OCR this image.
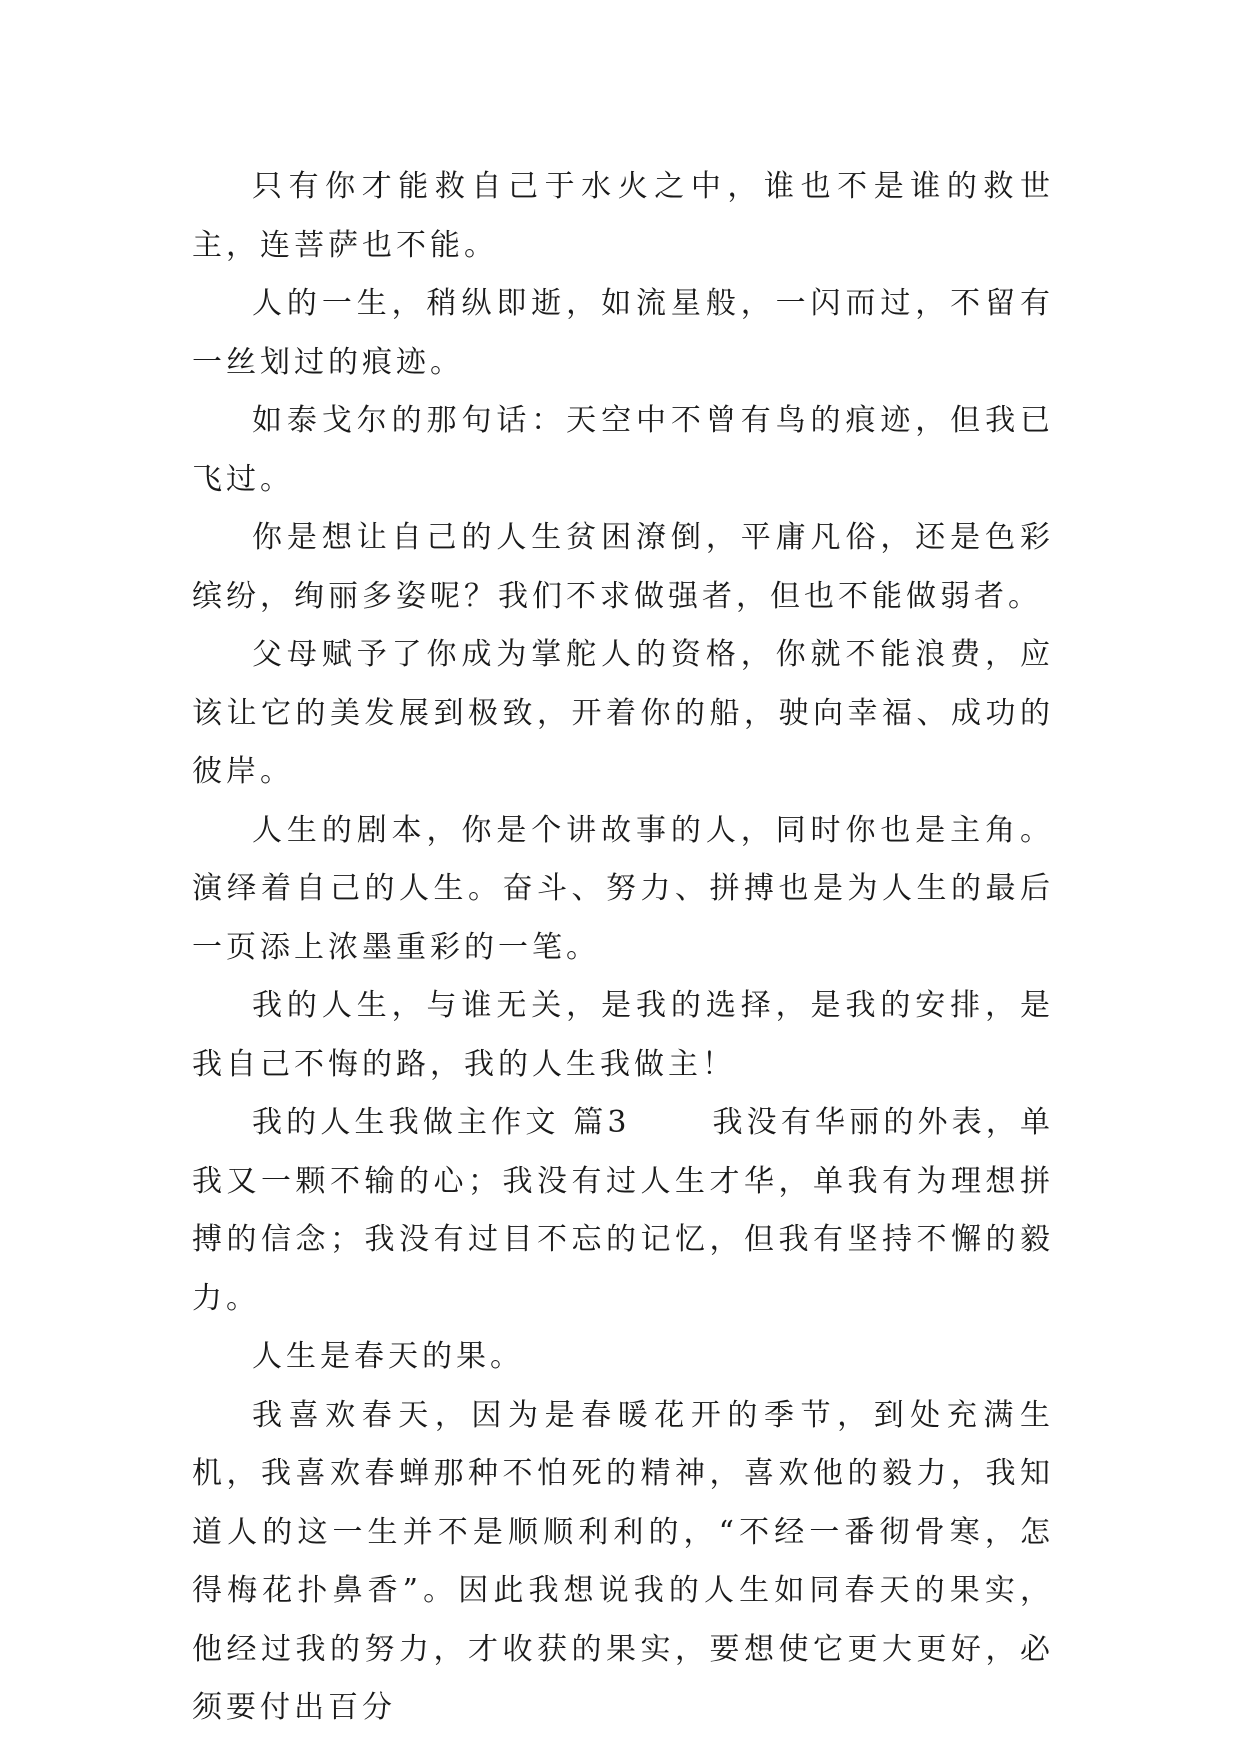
只有你才能救自己于水火之中，谁也不是谁的救世主，连菩萨也不能。

人的一生，稍纵即逝，如流星般，一闪而过，不留有一丝划过的痕迹。

如泰戈尔的那句话：天空中不曾有鸟的痕迹，但我已飞过。

你是想让自己的人生贫困潦倒，平庸凡俗，还是色彩缤纷，绚丽多姿呢？我们不求做强者，但也不能做弱者。

父母赋予了你成为掌舵人的资格，你就不能浪费，应该让它的美发展到极致，开着你的船，驶向幸福、成功的彼岸。

人生的剧本，你是个讲故事的人，同时你也是主角。演绎着自己的人生。奋斗、努力、拼搏也是为人生的最后一页添上浓墨重彩的一笔。

我的人生，与谁无关，是我的选择，是我的安排，是我自己不悔的路，我的人生我做主！

我的人生我做主作文 篇3 　　我没有华丽的外表，单我又一颗不输的心；我没有过人生才华，单我有为理想拼搏的信念；我没有过目不忘的记忆，但我有坚持不懈的毅力。

人生是春天的果。

我喜欢春天，因为是春暖花开的季节，到处充满生机，我喜欢春蝉那种不怕死的精神，喜欢他的毅力，我知道人的这一生并不是顺顺利利的，“不经一番彻骨寒，怎得梅花扑鼻香”。因此我想说我的人生如同春天的果实，他经过我的努力，才收获的果实，要想使它更大更好，必须要付出百分
